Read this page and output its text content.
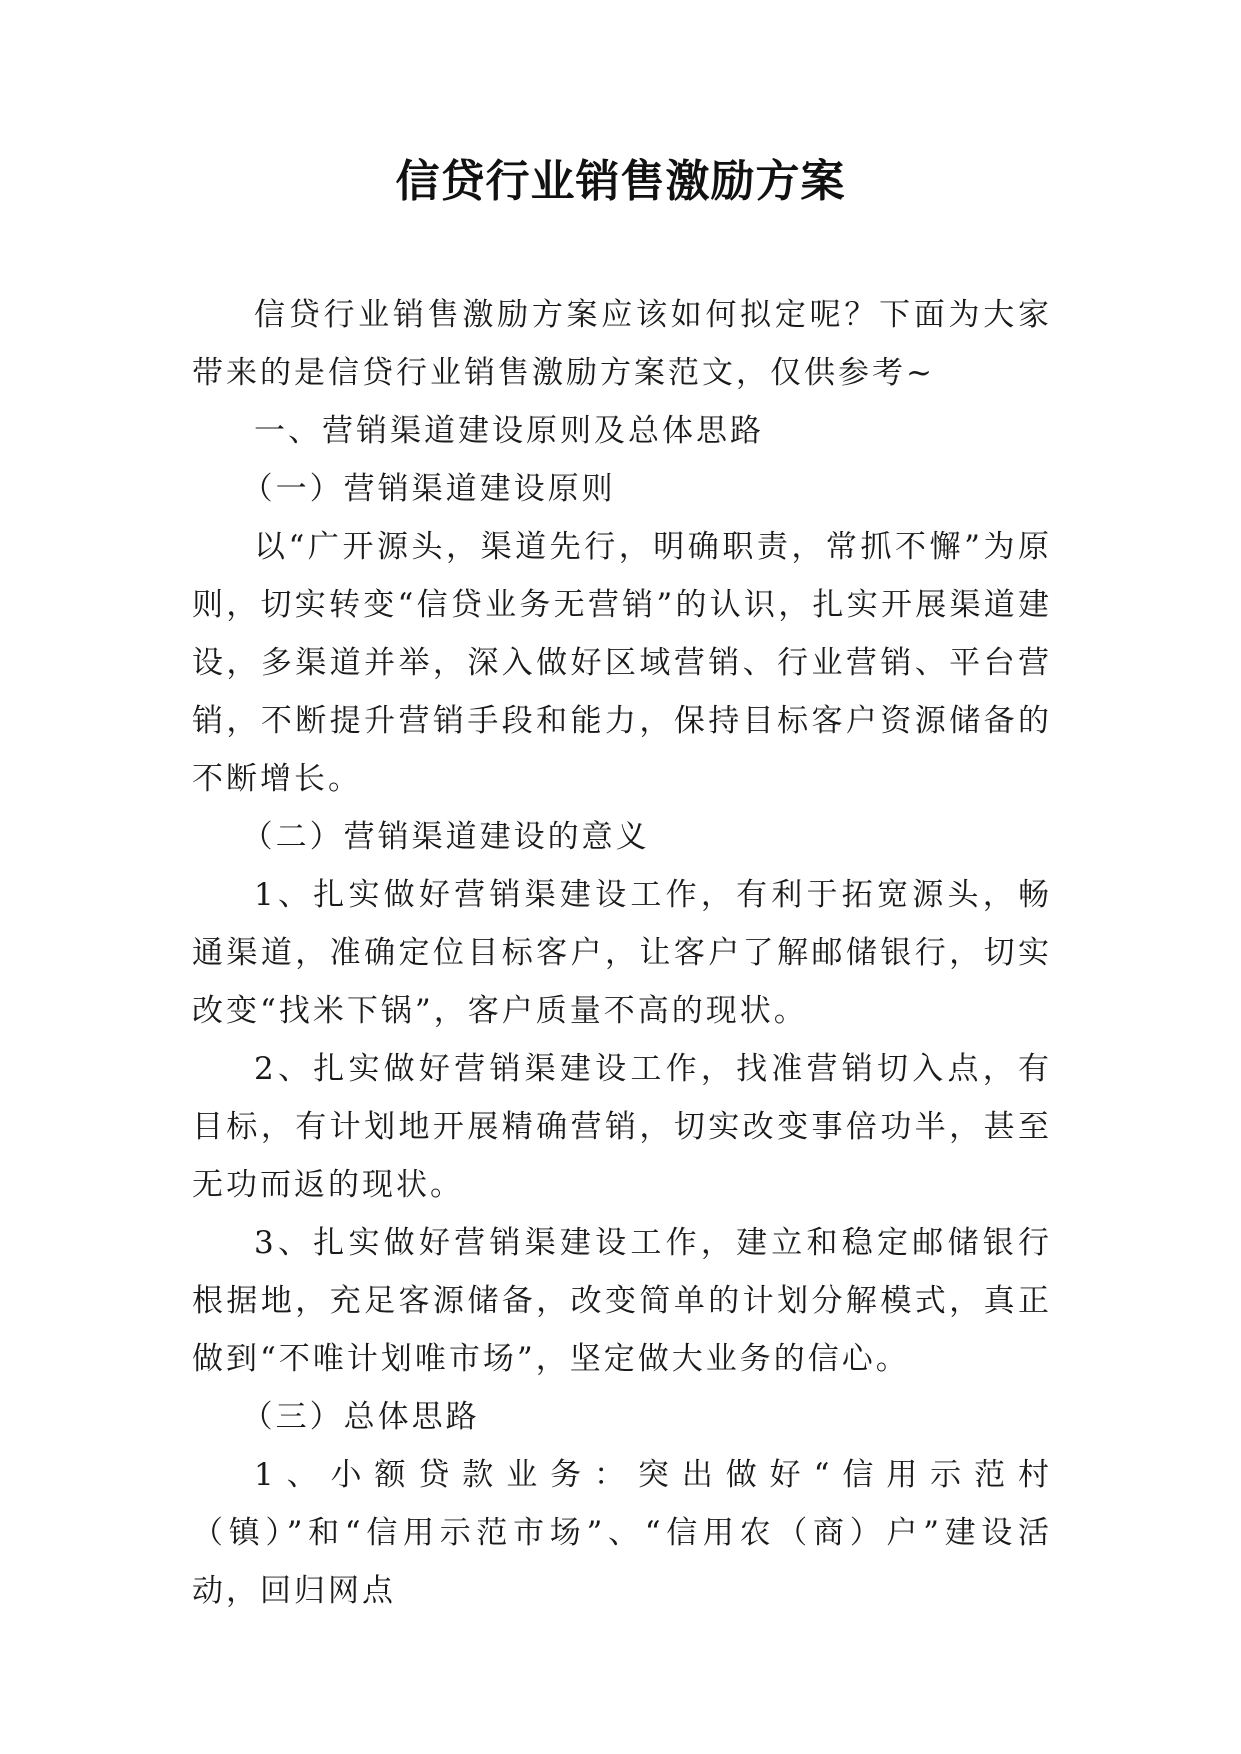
信贷行业销售激励方案

信贷行业销售激励方案应该如何拟定呢？下面为大家带来的是信贷行业销售激励方案范文，仅供参考~

一、营销渠道建设原则及总体思路

（一）营销渠道建设原则

以“广开源头，渠道先行，明确职责，常抓不懈”为原则，切实转变“信贷业务无营销”的认识，扎实开展渠道建设，多渠道并举，深入做好区域营销、行业营销、平台营销，不断提升营销手段和能力，保持目标客户资源储备的不断增长。

（二）营销渠道建设的意义

1、扎实做好营销渠建设工作，有利于拓宽源头，畅通渠道，准确定位目标客户，让客户了解邮储银行，切实改变“找米下锅”，客户质量不高的现状。

2、扎实做好营销渠建设工作，找准营销切入点，有目标，有计划地开展精确营销，切实改变事倍功半，甚至无功而返的现状。

3、扎实做好营销渠建设工作，建立和稳定邮储银行根据地，充足客源储备，改变简单的计划分解模式，真正做到“不唯计划唯市场”，坚定做大业务的信心。

（三）总体思路

1、小额贷款业务：突出做好“信用示范村（镇）”和“信用示范市场”、“信用农（商）户”建设活动，回归网点
